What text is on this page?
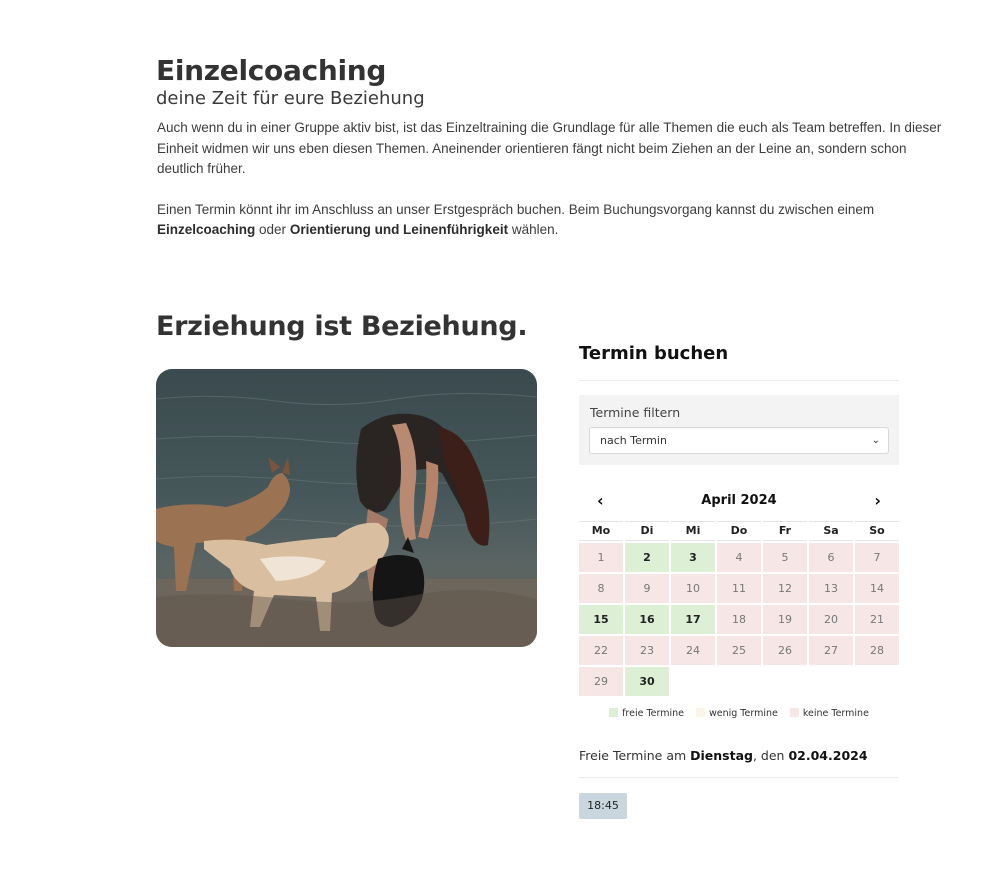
Einzelcoaching
deine Zeit für eure Beziehung

Auch wenn du in einer Gruppe aktiv bist, ist das Einzeltraining die Grundlage für alle Themen die euch als Team betreffen. In dieser Einheit widmen wir uns eben diesen Themen. Aneinender orientieren fängt nicht beim Ziehen an der Leine an, sondern schon deutlich früher.

Einen Termin könnt ihr im Anschluss an unser Erstgespräch buchen. Beim Buchungsvorgang kannst du zwischen einem Einzelcoaching oder Orientierung und Leinenführigkeit wählen.

Erziehung ist Beziehung.
Termin buchen
Termine filtern
nach Termin	⌄
‹	April 2024	›
Mo	Di	Mi	Do	Fr	Sa	So
1	2	3	4	5	6	7
8	9	10	11	12	13	14
15	16	17	18	19	20	21
22	23	24	25	26	27	28
29	30
freie Termine	wenig Termine	keine Termine
Freie Termine am Dienstag, den 02.04.2024
18:45
